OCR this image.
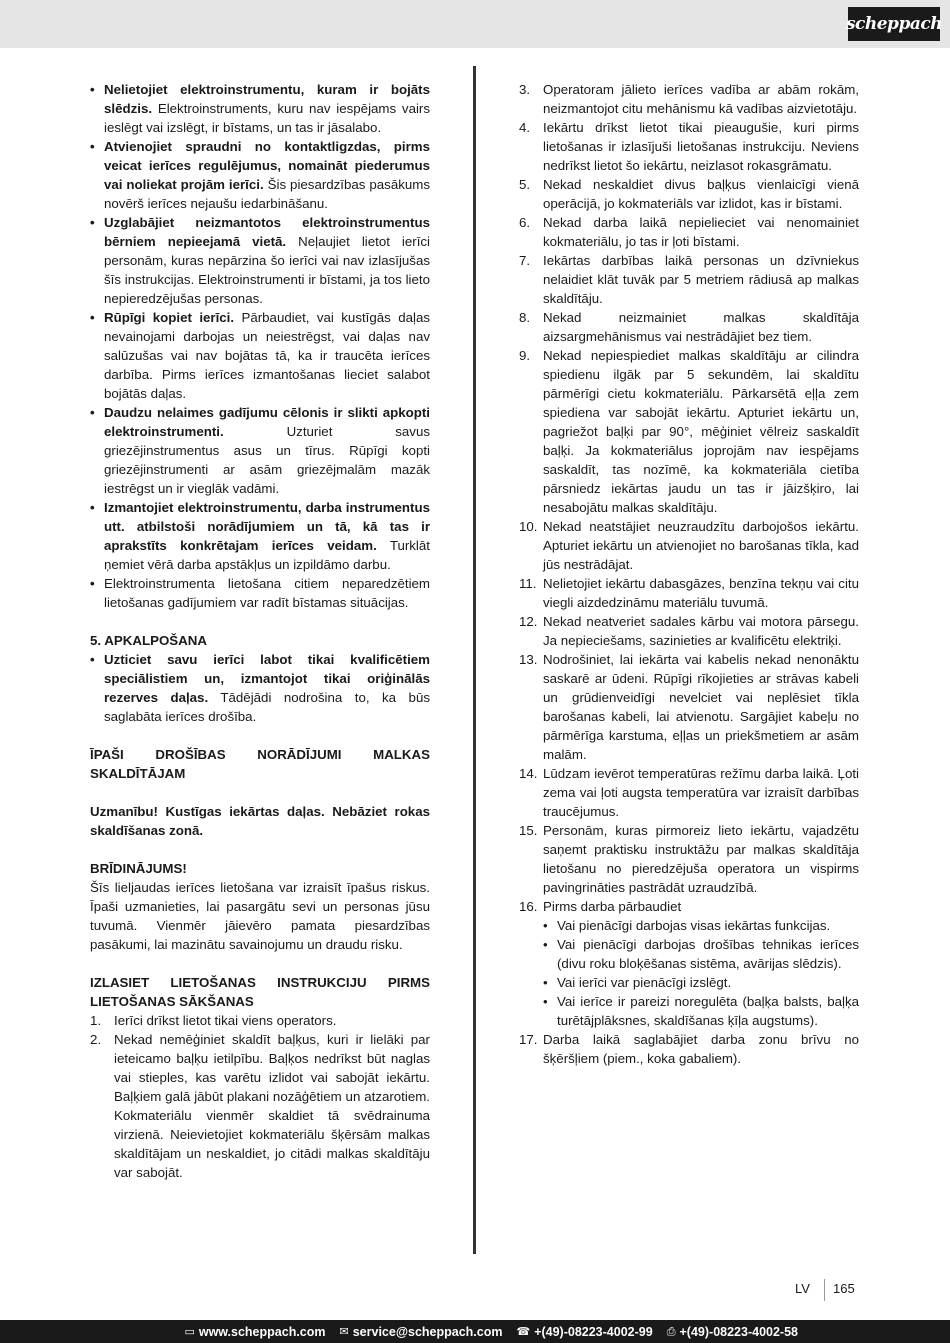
scheppach
• Nelietojiet elektroinstrumentu, kuram ir bojāts slēdzis. Elektroinstruments, kuru nav iespējams vairs ieslēgt vai izslēgt, ir bīstams, un tas ir jāsalabo.
• Atvienojiet spraudni no kontaktligzdas, pirms veicat ierīces regulējumus, nomaināt piederumus vai noliekat projām ierīci. Šis piesardzības pasākums novērš ierīces nejaušu iedarbināšanu.
• Uzglabājiet neizmantotos elektroinstrumentus bērniem nepieejamā vietā. Neļaujiet lietot ierīci personām, kuras nepārzina šo ierīci vai nav izlasījušas šīs instrukcijas. Elektroinstrumenti ir bīstami, ja tos lieto nepieredzējušas personas.
• Rūpīgi kopiet ierīci. Pārbaudiet, vai kustīgās daļas nevainojami darbojas un neiestrēgst, vai daļas nav salūzušas vai nav bojātas tā, ka ir traucēta ierīces darbība. Pirms ierīces izmantošanas lieciet salabot bojātās daļas.
• Daudzu nelaimes gadījumu cēlonis ir slikti apkopti elektroinstrumenti. Uzturiet savus griezējinstrumentus asus un tīrus. Rūpīgi kopti griezējinstrumenti ar asām griezējmalām mazāk iestrēgst un ir vieglāk vadāmi.
• Izmantojiet elektroinstrumentu, darba instrumentus utt. atbilstoši norādījumiem un tā, kā tas ir aprakstīts konkrētajam ierīces veidam. Turklāt ņemiet vērā darba apstākļus un izpildāmo darbu.
• Elektroinstrumenta lietošana citiem neparedzētiem lietošanas gadījumiem var radīt bīstamas situācijas.

5. APKALPOŠANA

• Uzticiet savu ierīci labot tikai kvalificētiem speciālistiem un, izmantojot tikai oriģinālās rezerves daļas. Tādējādi nodrošina to, ka būs saglabāta ierīces drošība.

ĪPAŠI DROŠĪBAS NORĀDĪJUMI MALKAS SKALDĪTĀJAM

Uzmanību! Kustīgas iekārtas daļas. Nebāziet rokas skaldīšanas zonā.

BRĪDINĀJUMS!

Šīs lieljaudas ierīces lietošana var izraisīt īpašus riskus. Īpaši uzmanieties, lai pasargātu sevi un personas jūsu tuvumā. Vienmēr jāievēro pamata piesardzības pasākumi, lai mazinātu savainojumu un draudu risku.

IZLASIET LIETOŠANAS INSTRUKCIJU PIRMS LIETOŠANAS SĀKŠANAS

1. Ierīci drīkst lietot tikai viens operators.
2. Nekad nemēģiniet skaldīt baļķus, kuri ir lielāki par ieteicamo baļķu ietilpību. Baļķos nedrīkst būt naglas vai stieples, kas varētu izlidot vai sabojāt iekārtu. Baļķiem galā jābūt plakani nozāģētiem un atzarotiem. Kokmateriālu vienmēr skaldiet tā svēdrainuma virzienā. Neievietojiet kokmateriālu šķērsām malkas skaldītājam un neskaldiet, jo citādi malkas skaldītāju var sabojāt.
3. Operatoram jālieto ierīces vadība ar abām rokām, neizmantojot citu mehānismu kā vadības aizvietotāju.
4. Iekārtu drīkst lietot tikai pieaugušie, kuri pirms lietošanas ir izlasījuši lietošanas instrukciju. Neviens nedrīkst lietot šo iekārtu, neizlasot rokasgrāmatu.
5. Nekad neskaldiet divus baļķus vienlaicīgi vienā operācijā, jo kokmateriāls var izlidot, kas ir bīstami.
6. Nekad darba laikā nepielieciet vai nenomainiet kokmateriālu, jo tas ir ļoti bīstami.
7. Iekārtas darbības laikā personas un dzīvniekus nelaidiet klāt tuvāk par 5 metriem rādiusā ap malkas skaldītāju.
8. Nekad neizmainiet malkas skaldītāja aizsargmehānismus vai nestrādājiet bez tiem.
9. Nekad nepiespiediet malkas skaldītāju ar cilindra spiedienu ilgāk par 5 sekundēm, lai skaldītu pārmērīgi cietu kokmateriālu. Pārkarsētā eļļa zem spiediena var sabojāt iekārtu. Apturiet iekārtu un, pagriežot baļķi par 90°, mēģiniet vēlreiz saskaldīt baļķi. Ja kokmateriālus joprojām nav iespējams saskaldīt, tas nozīmē, ka kokmateriāla cietība pārsniedz iekārtas jaudu un tas ir jāizšķiro, lai nesabojātu malkas skaldītāju.
10. Nekad neatstājiet neuzraudzītu darbojošos iekārtu. Apturiet iekārtu un atvienojiet no barošanas tīkla, kad jūs nestrādājat.
11. Nelietojiet iekārtu dabasgāzes, benzīna tekņu vai citu viegli aizdedzināmu materiālu tuvumā.
12. Nekad neatveriet sadales kārbu vai motora pārsegu. Ja nepieciešams, sazinieties ar kvalificētu elektriķi.
13. Nodrošiniet, lai iekārta vai kabelis nekad nenonāktu saskarē ar ūdeni. Rūpīgi rīkojieties ar strāvas kabeli un grūdienveidīgi nevelciet vai neplēsiet tīkla barošanas kabeli, lai atvienotu. Sargājiet kabeļu no pārmērīga karstuma, eļļas un priekšmetiem ar asām malām.
14. Lūdzam ievērot temperatūras režīmu darba laikā. Ļoti zema vai ļoti augsta temperatūra var izraisīt darbības traucējumus.
15. Personām, kuras pirmoreiz lieto iekārtu, vajadzētu saņemt praktisku instruktāžu par malkas skaldītāja lietošanu no pieredzējuša operatora un vispirms pavingrināties pastrādāt uzraudzībā.
16. Pirms darba pārbaudiet
• Vai pienācīgi darbojas visas iekārtas funkcijas.
• Vai pienācīgi darbojas drošības tehnikas ierīces (divu roku bloķēšanas sistēma, avārijas slēdzis).
• Vai ierīci var pienācīgi izslēgt.
• Vai ierīce ir pareizi noregulēta (baļķa balsts, baļķa turētājplāksnes, skaldīšanas ķīļa augstums).
17. Darba laikā saglabājiet darba zonu brīvu no šķēršļiem (piem., koka gabaliem).
LV 165
▭ www.scheppach.com ✉ service@scheppach.com ☎ +(49)-08223-4002-99 ⎙ +(49)-08223-4002-58
